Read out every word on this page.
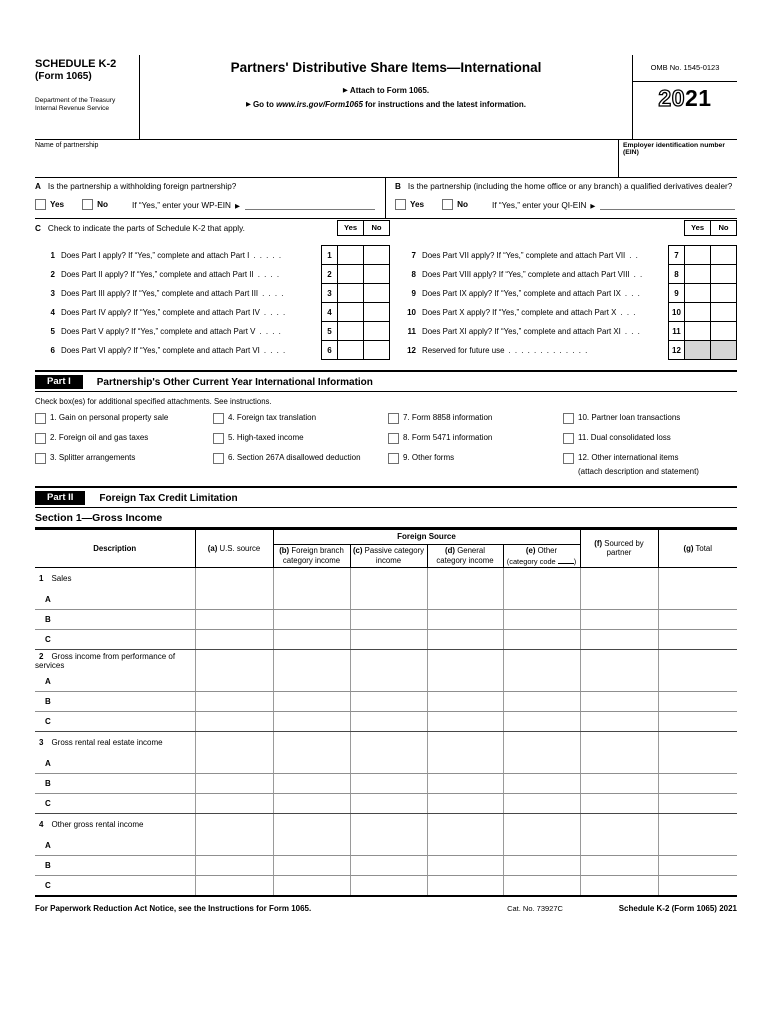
SCHEDULE K-2
(Form 1065)
Department of the Treasury
Internal Revenue Service
Partners' Distributive Share Items—International
▶ Attach to Form 1065.
▶ Go to www.irs.gov/Form1065 for instructions and the latest information.
OMB No. 1545-0123
2021
Name of partnership	Employer identification number (EIN)
A Is the partnership a withholding foreign partnership?
Yes	No	If “Yes,” enter your WP-EIN ▶
B Is the partnership (including the home office or any branch) a qualified derivatives dealer?
Yes	No	If “Yes,” enter your QI-EIN ▶
C Check to indicate the parts of Schedule K-2 that apply.	Yes	No
1 Does Part I apply? If “Yes,” complete and attach Part I . . . . .	1
2 Does Part II apply? If “Yes,” complete and attach Part II . . . .	2
3 Does Part III apply? If “Yes,” complete and attach Part III . . . .	3
4 Does Part IV apply? If “Yes,” complete and attach Part IV . . . .	4
5 Does Part V apply? If “Yes,” complete and attach Part V . . . .	5
6 Does Part VI apply? If “Yes,” complete and attach Part VI . . . .	6
Yes	No
7 Does Part VII apply? If “Yes,” complete and attach Part VII . .	7
8 Does Part VIII apply? If “Yes,” complete and attach Part VIII . .	8
9 Does Part IX apply? If “Yes,” complete and attach Part IX . . .	9
10 Does Part X apply? If “Yes,” complete and attach Part X . . .	10
11 Does Part XI apply? If “Yes,” complete and attach Part XI . . .	11
12 Reserved for future use . . . . . . . . . . . . .	12
Part I	Partnership's Other Current Year International Information
Check box(es) for additional specified attachments. See instructions.
1. Gain on personal property sale	4. Foreign tax translation	7. Form 8858 information	10. Partner loan transactions
2. Foreign oil and gas taxes	5. High-taxed income	8. Form 5471 information	11. Dual consolidated loss
3. Splitter arrangements	6. Section 267A disallowed deduction	9. Other forms	12. Other international items
(attach description and statement)
Part II	Foreign Tax Credit Limitation
Section 1—Gross Income
Description	(a) U.S. source	Foreign Source				(f) Sourced by partner	(g) Total
		(b) Foreign branch category income	(c) Passive category income	(d) General category income	(e) Other
(category code )		

1 Sales							
A							
B							
C							
2 Gross income from performance of services							
A							
B							
C							
3 Gross rental real estate income							
A							
B							
C							
4 Other gross rental income							
A							
B							
C							
For Paperwork Reduction Act Notice, see the Instructions for Form 1065.	Cat. No. 73927C	Schedule K-2 (Form 1065) 2021
